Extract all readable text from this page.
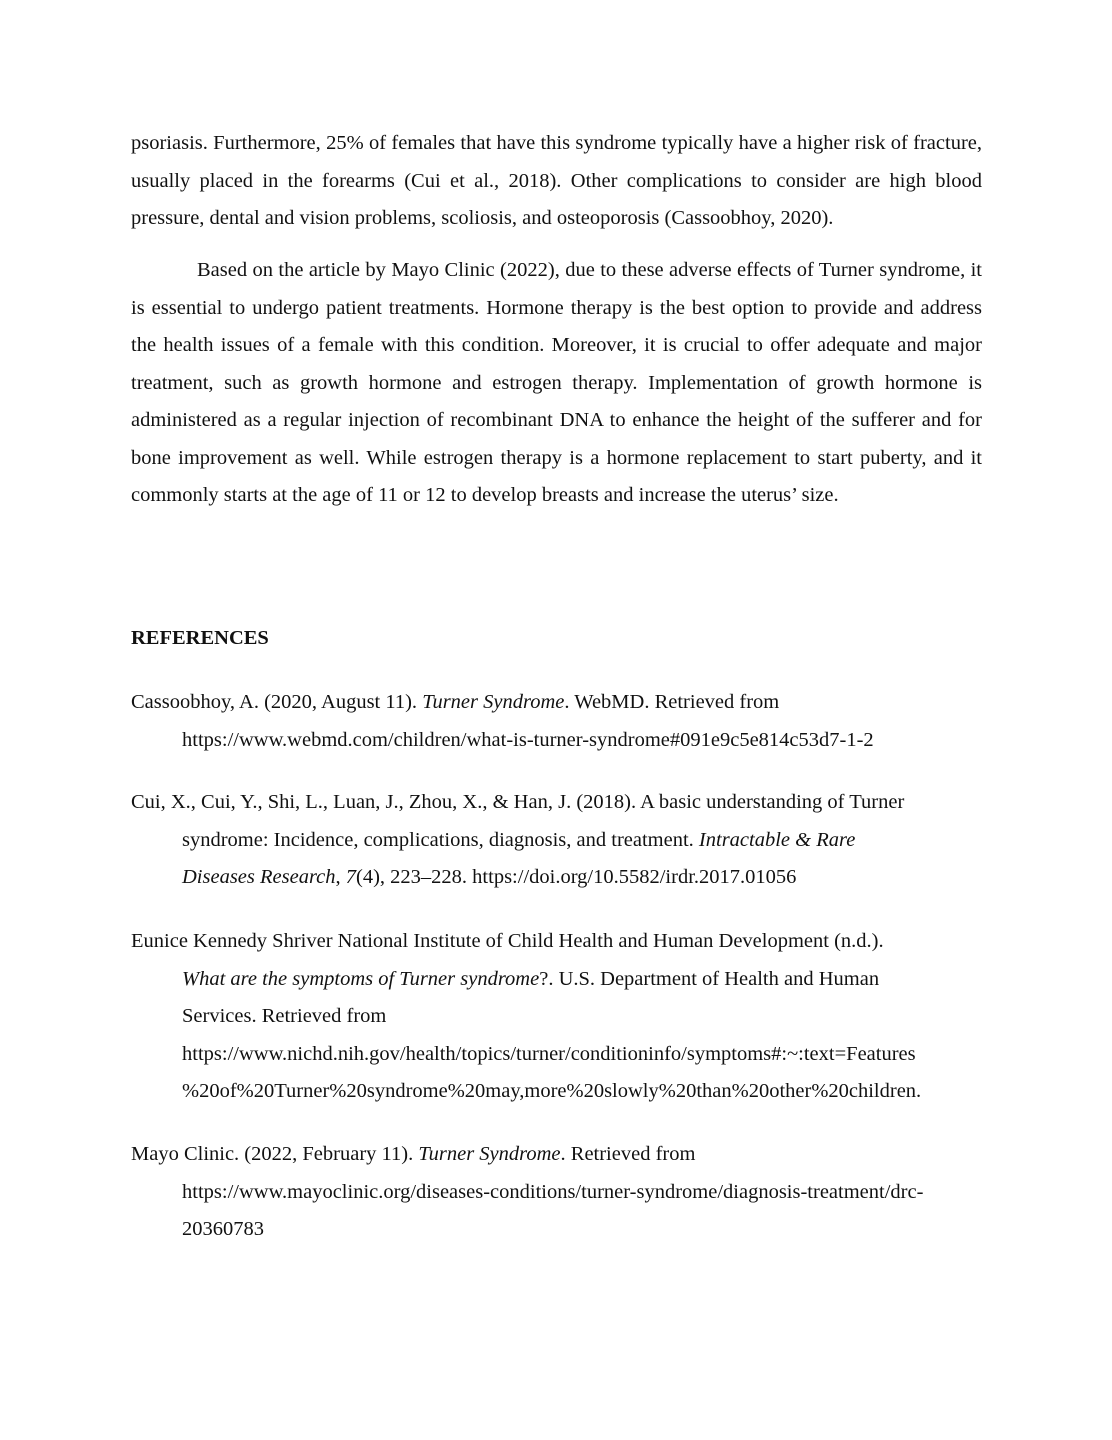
psoriasis. Furthermore, 25% of females that have this syndrome typically have a higher risk of fracture, usually placed in the forearms (Cui et al., 2018). Other complications to consider are high blood pressure, dental and vision problems, scoliosis, and osteoporosis (Cassoobhoy, 2020).

Based on the article by Mayo Clinic (2022), due to these adverse effects of Turner syndrome, it is essential to undergo patient treatments. Hormone therapy is the best option to provide and address the health issues of a female with this condition. Moreover, it is crucial to offer adequate and major treatment, such as growth hormone and estrogen therapy. Implementation of growth hormone is administered as a regular injection of recombinant DNA to enhance the height of the sufferer and for bone improvement as well. While estrogen therapy is a hormone replacement to start puberty, and it commonly starts at the age of 11 or 12 to develop breasts and increase the uterus’ size.

REFERENCES
Cassoobhoy, A. (2020, August 11). Turner Syndrome. WebMD. Retrieved from
https://www.webmd.com/children/what-is-turner-syndrome#091e9c5e814c53d7-1-2
Cui, X., Cui, Y., Shi, L., Luan, J., Zhou, X., & Han, J. (2018). A basic understanding of Turner
syndrome: Incidence, complications, diagnosis, and treatment. Intractable & Rare
Diseases Research, 7(4), 223–228. https://doi.org/10.5582/irdr.2017.01056
Eunice Kennedy Shriver National Institute of Child Health and Human Development (n.d.).
What are the symptoms of Turner syndrome?. U.S. Department of Health and Human
Services. Retrieved from
https://www.nichd.nih.gov/health/topics/turner/conditioninfo/symptoms#:~:text=Features
%20of%20Turner%20syndrome%20may,more%20slowly%20than%20other%20children.
Mayo Clinic. (2022, February 11). Turner Syndrome. Retrieved from
https://www.mayoclinic.org/diseases-conditions/turner-syndrome/diagnosis-treatment/drc-
20360783
